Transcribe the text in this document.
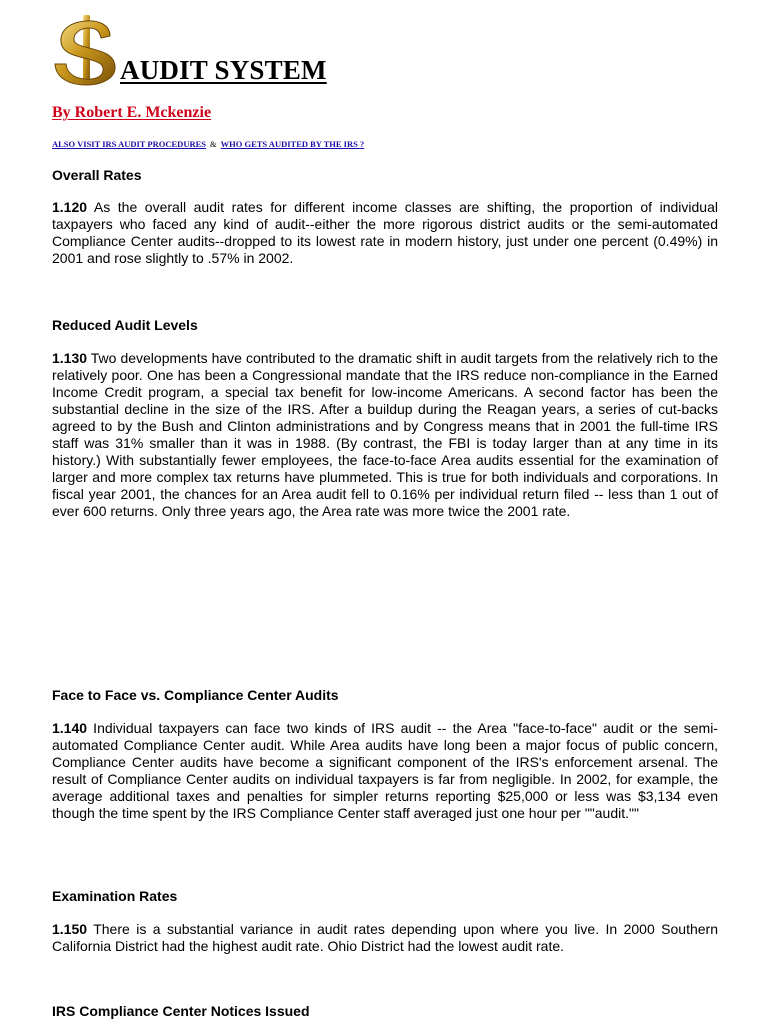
AUDIT SYSTEM
By Robert E. Mckenzie
ALSO VISIT IRS AUDIT PROCEDURES & WHO GETS AUDITED BY THE IRS ?
Overall Rates

1.120 As the overall audit rates for different income classes are shifting, the proportion of individual taxpayers who faced any kind of audit--either the more rigorous district audits or the semi-automated Compliance Center audits--dropped to its lowest rate in modern history, just under one percent (0.49%) in 2001 and rose slightly to .57% in 2002.

Reduced Audit Levels

1.130 Two developments have contributed to the dramatic shift in audit targets from the relatively rich to the relatively poor. One has been a Congressional mandate that the IRS reduce non-compliance in the Earned Income Credit program, a special tax benefit for low-income Americans. A second factor has been the substantial decline in the size of the IRS. After a buildup during the Reagan years, a series of cut-backs agreed to by the Bush and Clinton administrations and by Congress means that in 2001 the full-time IRS staff was 31% smaller than it was in 1988. (By contrast, the FBI is today larger than at any time in its history.) With substantially fewer employees, the face-to-face Area audits essential for the examination of larger and more complex tax returns have plummeted. This is true for both individuals and corporations. In fiscal year 2001, the chances for an Area audit fell to 0.16% per individual return filed -- less than 1 out of ever 600 returns. Only three years ago, the Area rate was more twice the 2001 rate.

Face to Face vs. Compliance Center Audits

1.140 Individual taxpayers can face two kinds of IRS audit -- the Area "face-to-face" audit or the semi-automated Compliance Center audit. While Area audits have long been a major focus of public concern, Compliance Center audits have become a significant component of the IRS's enforcement arsenal. The result of Compliance Center audits on individual taxpayers is far from negligible. In 2002, for example, the average additional taxes and penalties for simpler returns reporting $25,000 or less was $3,134 even though the time spent by the IRS Compliance Center staff averaged just one hour per ""audit.""

Examination Rates

1.150 There is a substantial variance in audit rates depending upon where you live. In 2000 Southern California District had the highest audit rate. Ohio District had the lowest audit rate.

IRS Compliance Center Notices Issued
